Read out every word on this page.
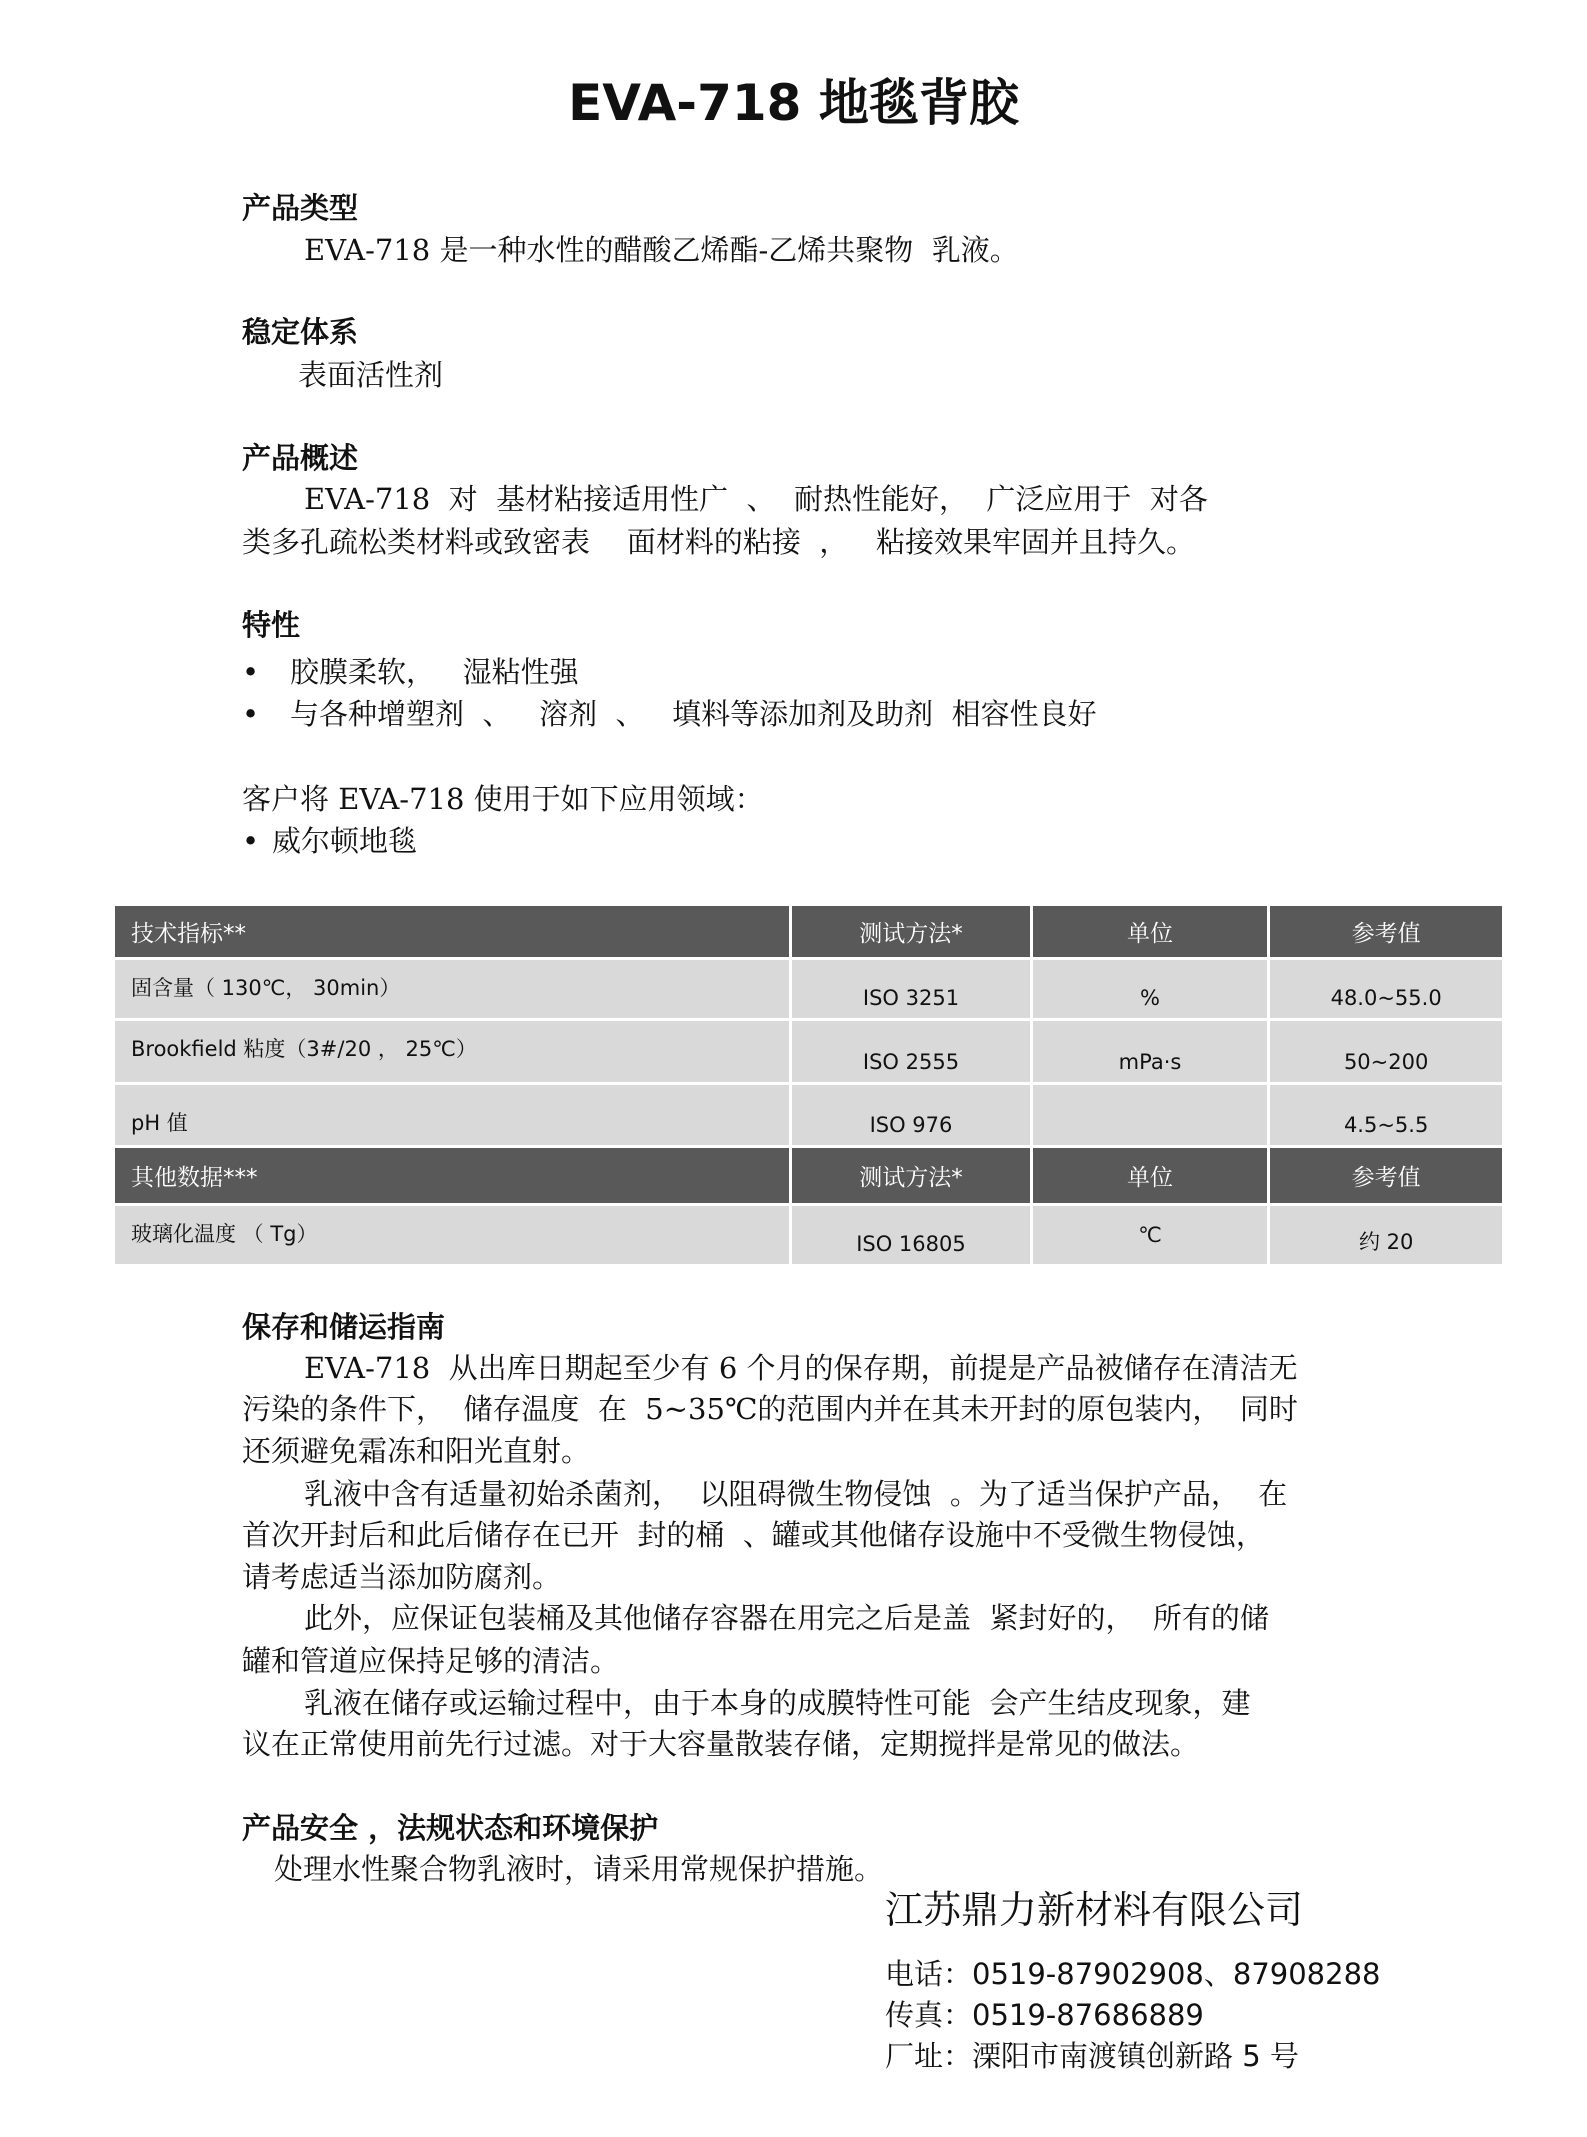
EVA-718 地毯背胶
产品类型
EVA-718 是一种水性的醋酸乙烯酯-乙烯共聚物  乳液。
稳定体系
表面活性剂
产品概述
EVA-718  对  基材粘接适用性广  、  耐热性能好，  广泛应用于  对各
类多孔疏松类材料或致密表    面材料的粘接  ，   粘接效果牢固并且持久。
特性
• 胶膜柔软，   湿粘性强
• 与各种增塑剂  、   溶剂  、   填料等添加剂及助剂  相容性良好
客户将 EVA-718 使用于如下应用领域：
• 威尔顿地毯
技术指标**	测试方法*	单位	参考值
固含量（ 130℃， 30min）	ISO 3251	%	48.0~55.0
Brookfield 粘度（3#/20 ， 25℃）	ISO 2555	mPa·s	50~200
pH 值	ISO 976		4.5~5.5
其他数据***	测试方法*	单位	参考值
玻璃化温度 （ Tg）	ISO 16805	℃	约 20
保存和储运指南
EVA-718  从出库日期起至少有 6 个月的保存期，前提是产品被储存在清洁无
污染的条件下，  储存温度  在  5~35℃的范围内并在其未开封的原包装内，  同时
还须避免霜冻和阳光直射。
乳液中含有适量初始杀菌剂，  以阻碍微生物侵蚀  。为了适当保护产品，  在
首次开封后和此后储存在已开  封的桶  、罐或其他储存设施中不受微生物侵蚀，
请考虑适当添加防腐剂。
此外，应保证包装桶及其他储存容器在用完之后是盖  紧封好的，  所有的储
罐和管道应保持足够的清洁。
乳液在储存或运输过程中，由于本身的成膜特性可能  会产生结皮现象，建
议在正常使用前先行过滤。对于大容量散装存储，定期搅拌是常见的做法。
产品安全 ，法规状态和环境保护
处理水性聚合物乳液时，请采用常规保护措施。
江苏鼎力新材料有限公司
电话：0519-87902908、87908288
传真：0519-87686889
厂址：溧阳市南渡镇创新路 5 号
